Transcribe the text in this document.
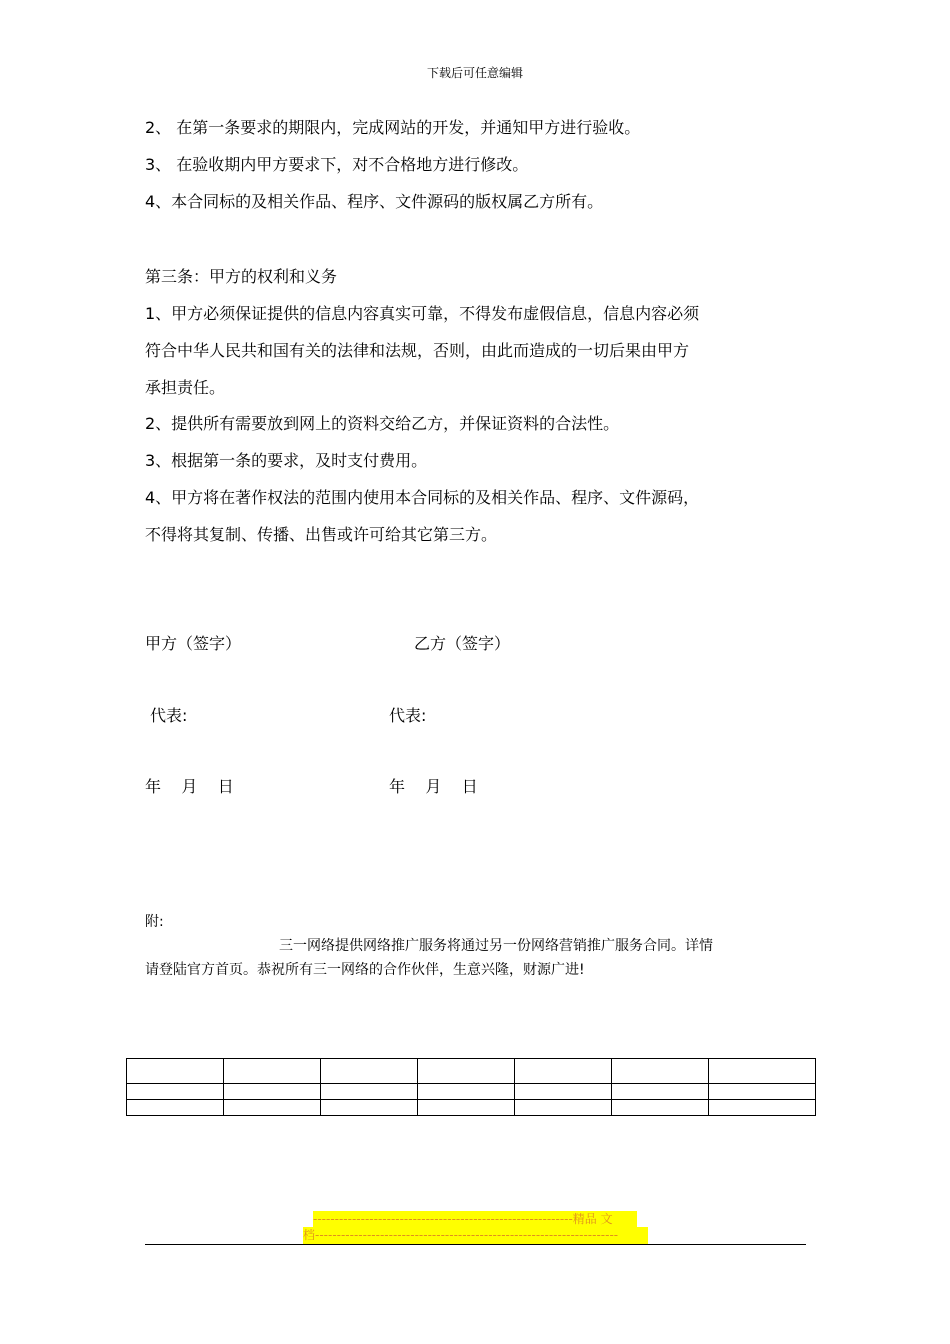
下载后可任意编辑
2、 在第一条要求的期限内，完成网站的开发，并通知甲方进行验收。
3、 在验收期内甲方要求下，对不合格地方进行修改。
4、本合同标的及相关作品、程序、文件源码的版权属乙方所有。
第三条：甲方的权利和义务
1、甲方必须保证提供的信息内容真实可靠，不得发布虚假信息，信息内容必须
符合中华人民共和国有关的法律和法规，否则，由此而造成的一切后果由甲方
承担责任。
2、提供所有需要放到网上的资料交给乙方，并保证资料的合法性。
3、根据第一条的要求，及时支付费用。
4、甲方将在著作权法的范围内使用本合同标的及相关作品、程序、文件源码，
不得将其复制、传播、出售或许可给其它第三方。
甲方（签字）	乙方（签字）
代表:	代表:
年    月    日	年    月    日
附:
三一网络提供网络推广服务将通过另一份网络营销推广服务合同。详情
请登陆官方首页。恭祝所有三一网络的合作伙伴，生意兴隆，财源广进!

------------------------------------------------------------精品 文
档----------------------------------------------------------------------
